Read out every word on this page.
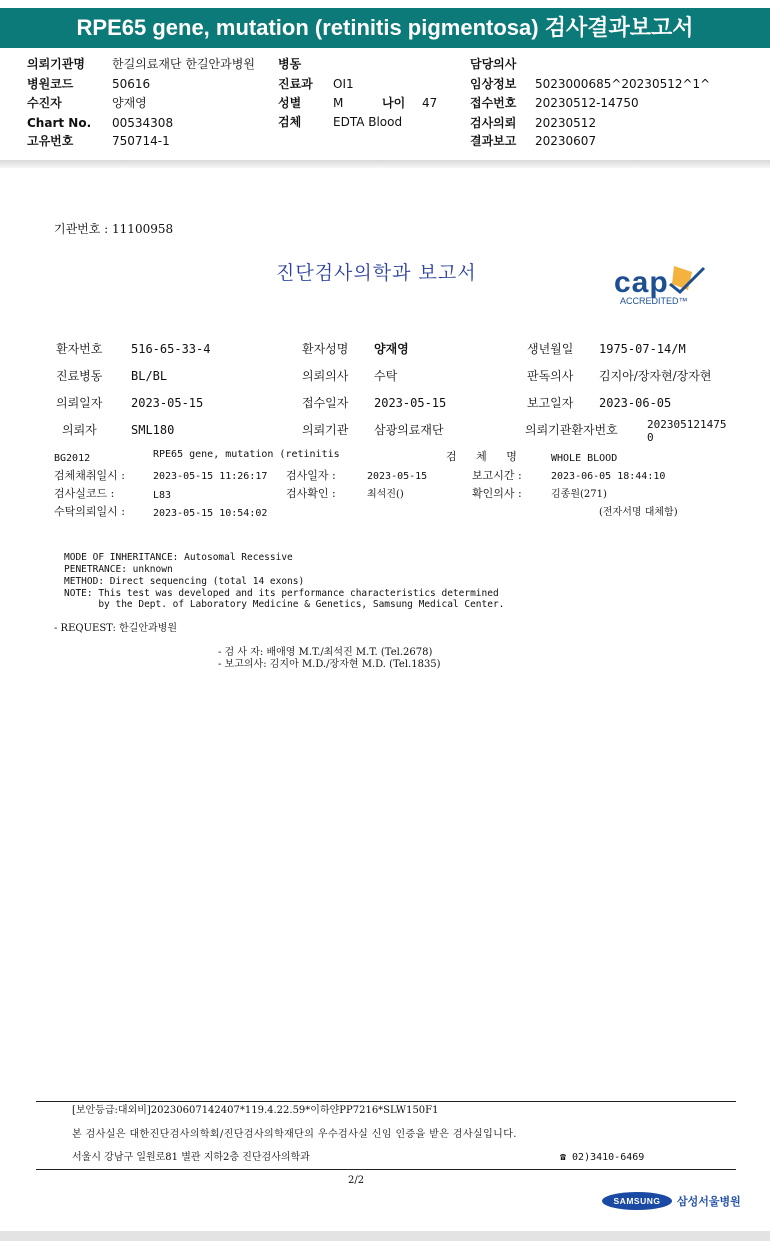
RPE65 gene, mutation (retinitis pigmentosa) 검사결과보고서
의뢰기관명 한길의료재단 한길안과병원 병동	담당의사
병원코드	50616	진료과 OI1	임상정보 5023000685^20230512^1^
수진자	양재영	성별	M	나이 47	접수번호 20230512-14750
Chart No. 00534308	검체	EDTA Blood	검사의뢰 20230512
고유번호	750714-1	결과보고 20230607
기관번호 : 11100958
진단검사의학과 보고서	cap
ACCREDITED™
환자번호 516-65-33-4	환자성명 양재영	생년월일 1975-07-14/M
진료병동 BL/BL	의뢰의사 수탁	판독의사 김지아/장자현/장자현
의뢰일자 2023-05-15	접수일자 2023-05-15	보고일자 2023-06-05
의뢰자	SML180	의뢰기관 삼광의료재단	의뢰기관환자번호	202305121475
0
BG2012	RPE65 gene, mutation (retinitis	검 체 명	WHOLE BLOOD
검체채취일시 :	2023-05-15 11:26:17 검사일자 :	2023-05-15	보고시간 :	2023-06-05 18:44:10
검사실코드 :	L83	검사확인 :	최석진()	확인의사 :	김종원(271)
수탁의뢰일시 :	2023-05-15 10:54:02	(전자서명 대체함)
MODE OF INHERITANCE: Autosomal Recessive
PENETRANCE: unknown
METHOD: Direct sequencing (total 14 exons)
NOTE: This test was developed and its performance characteristics determined
by the Dept. of Laboratory Medicine & Genetics, Samsung Medical Center.
- REQUEST: 한길안과병원
- 검 사 자: 배애영 M.T./최석진 M.T. (Tel.2678)
- 보고의사: 김지아 M.D./장자현 M.D. (Tel.1835)
[보안등급:대외비]20230607142407*119.4.22.59*이하얀PP7216*SLW150F1
본 검사실은 대한진단검사의학회/진단검사의학재단의 우수검사실 신임 인증을 받은 검사실입니다.
서울시 강남구 일원로81 별관 지하2층 진단검사의학과	☎ 02)3410-6469
2/2
SAMSUNG	삼성서울병원
